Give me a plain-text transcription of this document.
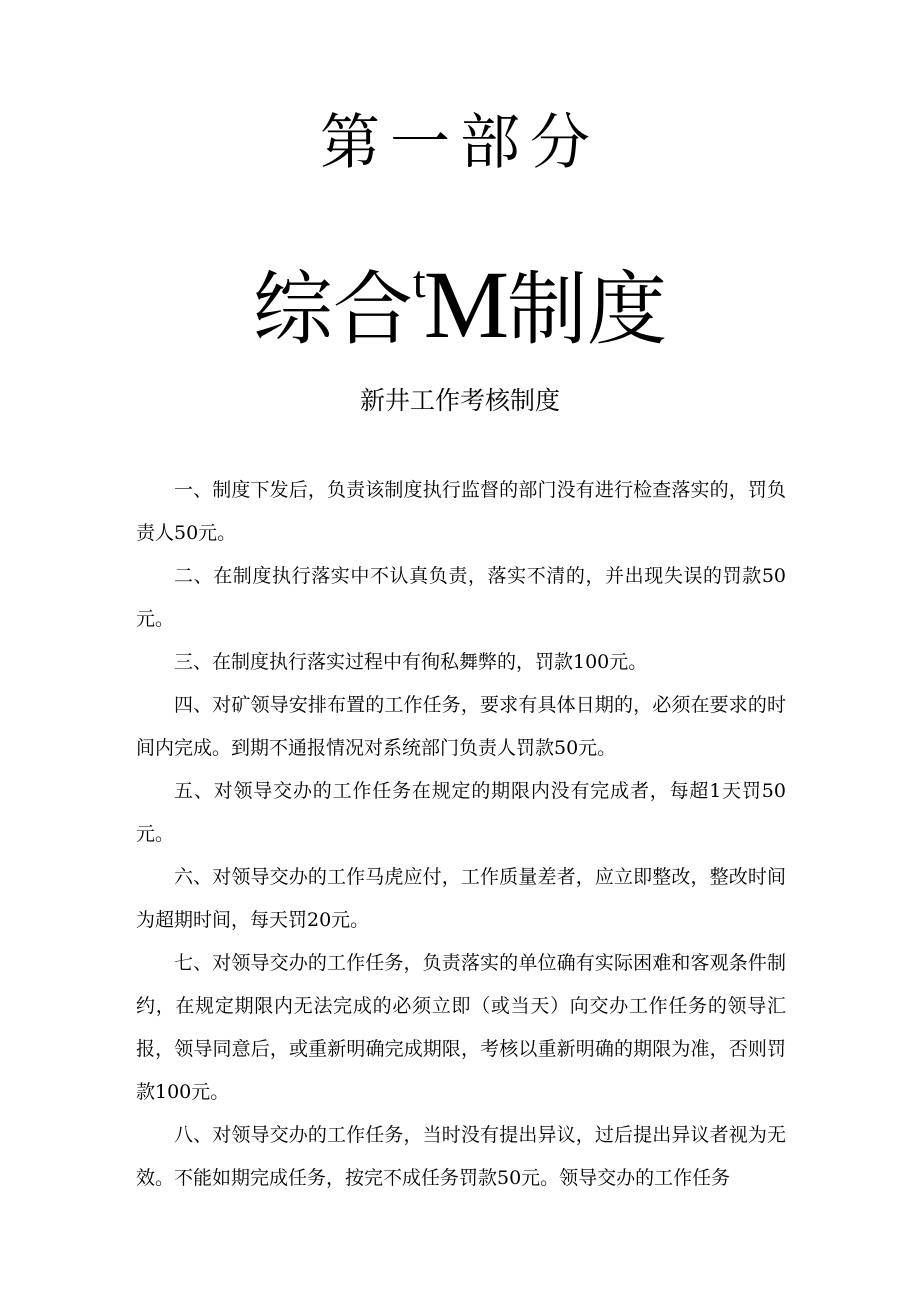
第一部分
综合$^t$M制度
新井工作考核制度

一、制度下发后，负责该制度执行监督的部门没有进行检查落实的，罚负责人50元。

二、在制度执行落实中不认真负责，落实不清的，并出现失误的罚款50元。

三、在制度执行落实过程中有徇私舞弊的，罚款100元。

四、对矿领导安排布置的工作任务，要求有具体日期的，必须在要求的时间内完成。到期不通报情况对系统部门负责人罚款50元。

五、对领导交办的工作任务在规定的期限内没有完成者，每超1天罚50元。

六、对领导交办的工作马虎应付，工作质量差者，应立即整改，整改时间为超期时间，每天罚20元。

七、对领导交办的工作任务，负责落实的单位确有实际困难和客观条件制约，在规定期限内无法完成的必须立即（或当天）向交办工作任务的领导汇报，领导同意后，或重新明确完成期限，考核以重新明确的期限为准，否则罚款100元。

八、对领导交办的工作任务，当时没有提出异议，过后提出异议者视为无效。不能如期完成任务，按完不成任务罚款50元。领导交办的工作任务
